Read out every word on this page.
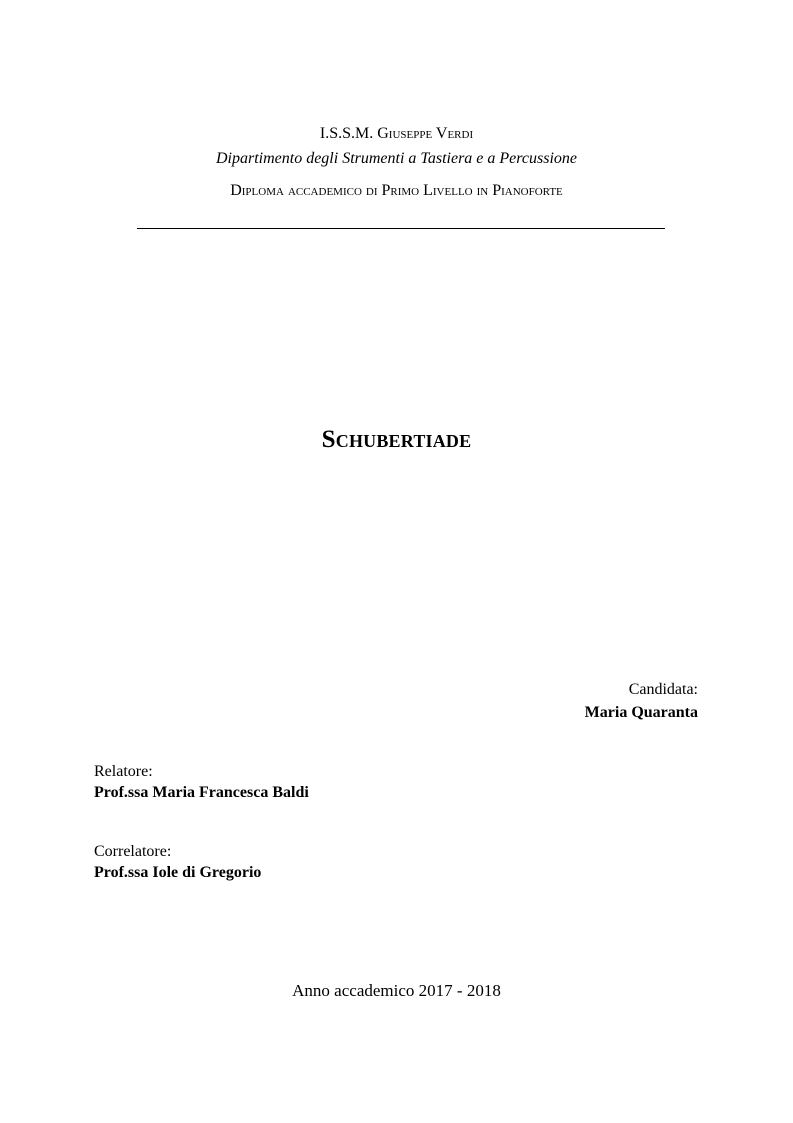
I.S.S.M. Giuseppe Verdi
Dipartimento degli Strumenti a Tastiera e a Percussione
Diploma accademico di Primo Livello in Pianoforte
Schubertiade
Candidata:
Maria Quaranta
Relatore:
Prof.ssa Maria Francesca Baldi
Correlatore:
Prof.ssa Iole di Gregorio
Anno accademico 2017 - 2018
